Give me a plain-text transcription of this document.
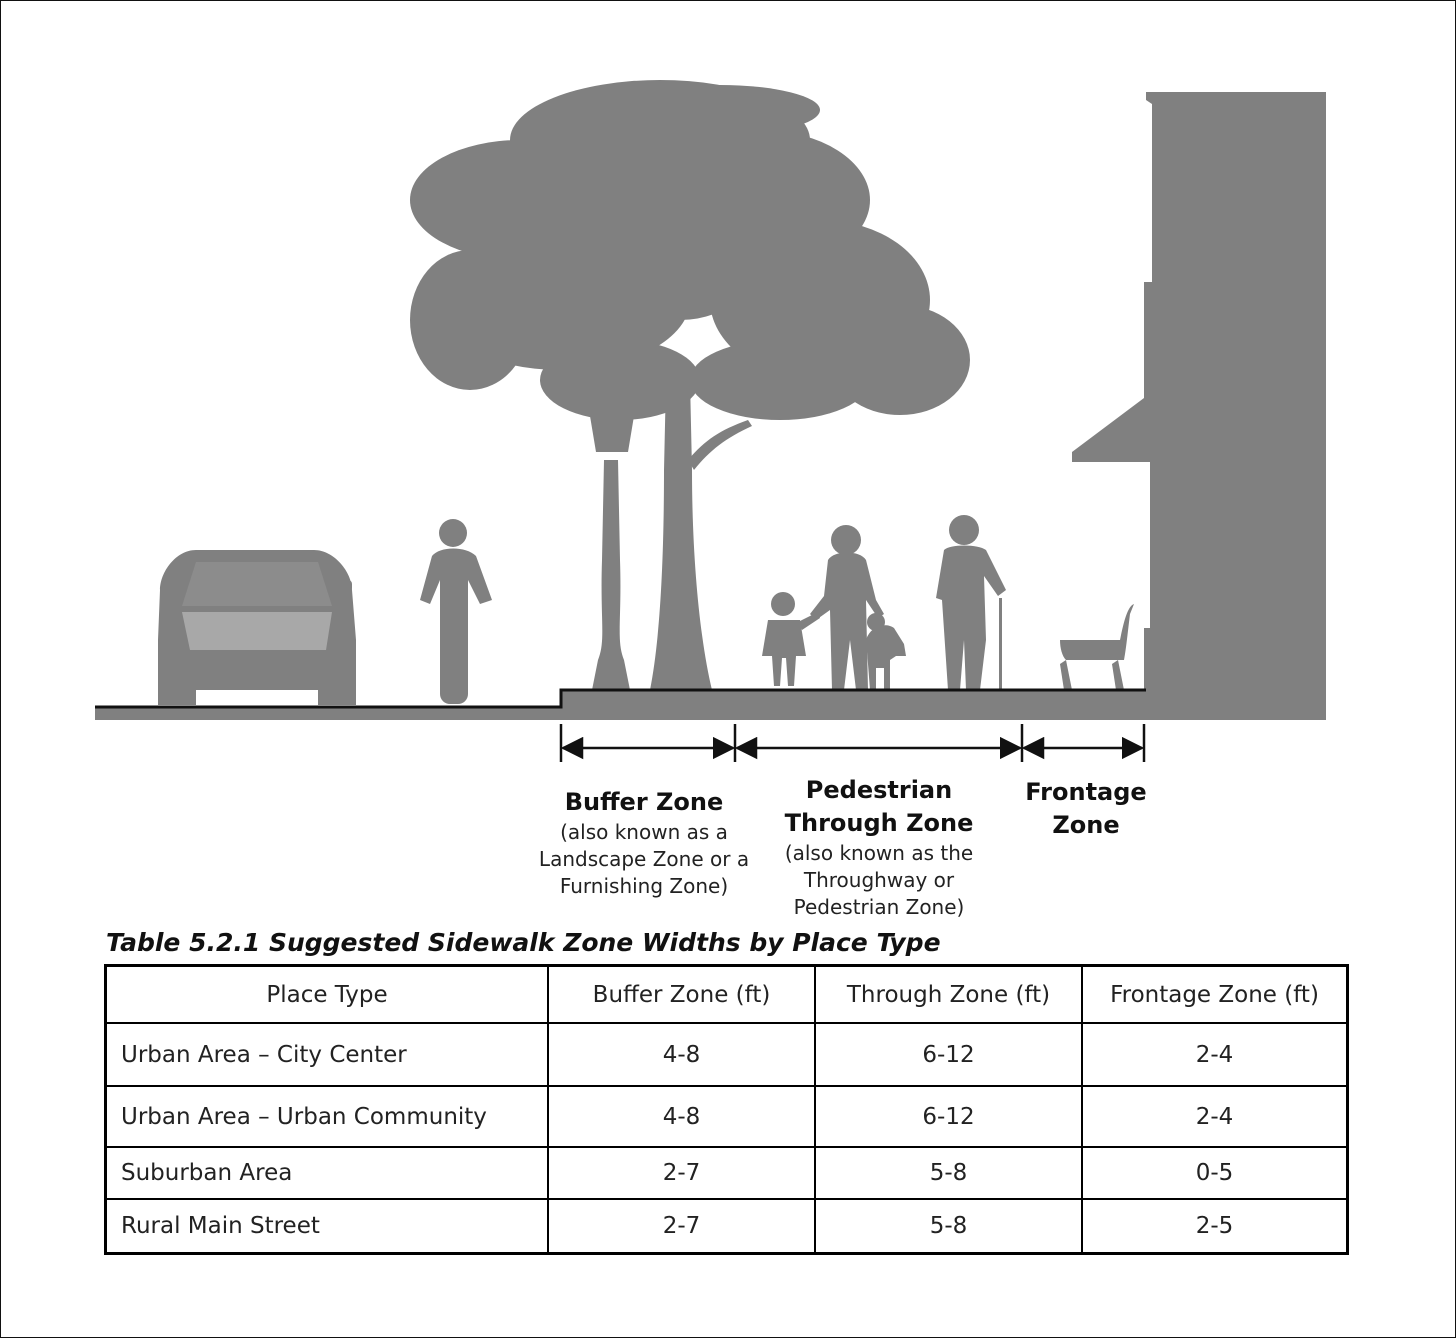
Buffer Zone
(also known as a Landscape Zone or a Furnishing Zone)
Pedestrian Through Zone
(also known as the Throughway or Pedestrian Zone)
Frontage Zone
Table 5.2.1 Suggested Sidewalk Zone Widths by Place Type
Place Type	Buffer Zone (ft)	Through Zone (ft)	Frontage Zone (ft)
Urban Area – City Center	4-8	6-12	2-4
Urban Area – Urban Community	4-8	6-12	2-4
Suburban Area	2-7	5-8	0-5
Rural Main Street	2-7	5-8	2-5
